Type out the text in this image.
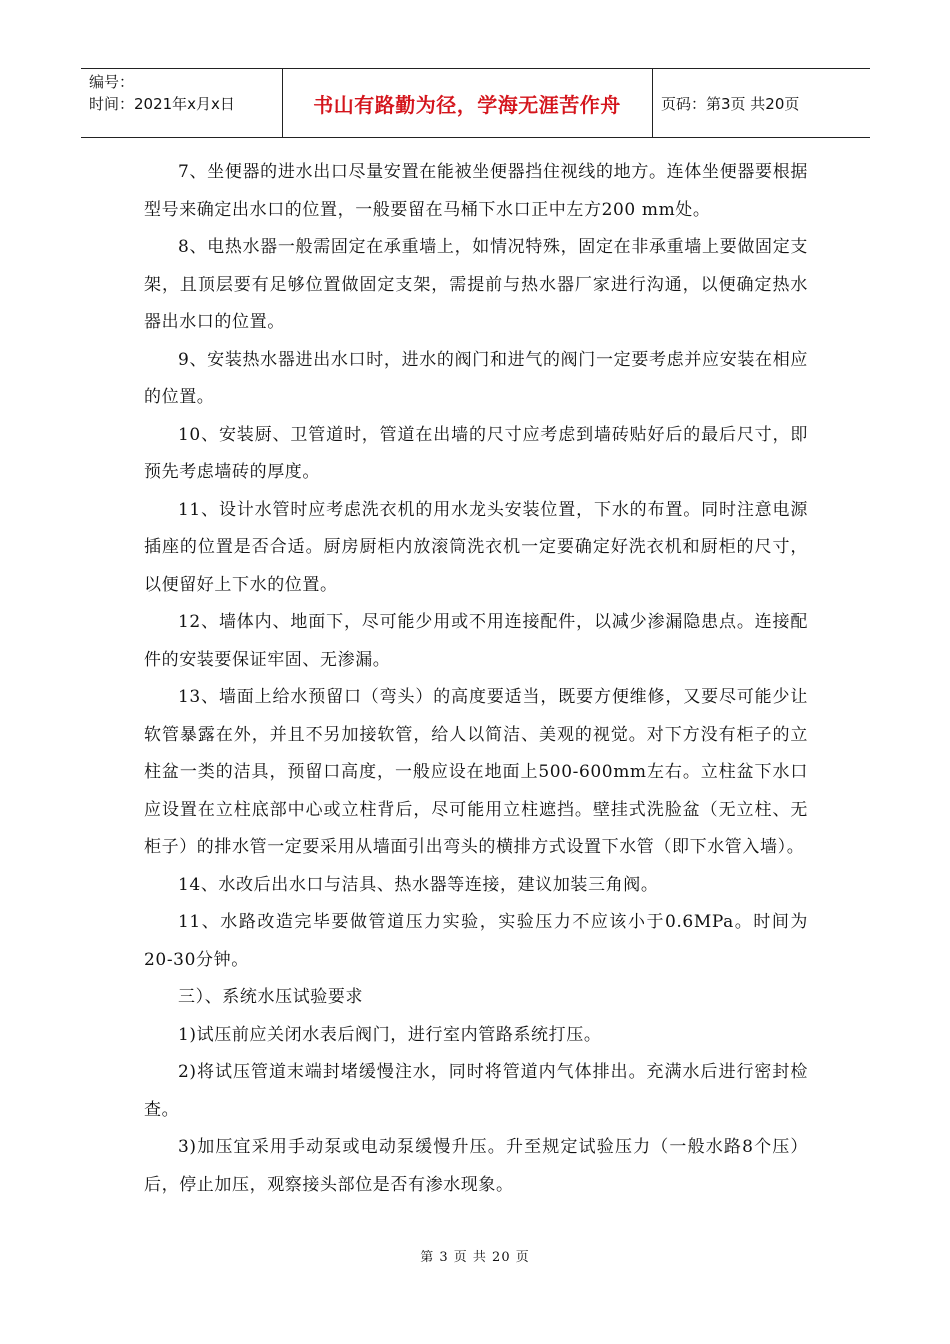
编号：
时间：2021年x月x日	书山有路勤为径，学海无涯苦作舟	页码：第3页 共20页

7、坐便器的进水出口尽量安置在能被坐便器挡住视线的地方。连体坐便器要根据型号来确定出水口的位置，一般要留在马桶下水口正中左方200 mm处。

8、电热水器一般需固定在承重墙上，如情况特殊，固定在非承重墙上要做固定支架，且顶层要有足够位置做固定支架，需提前与热水器厂家进行沟通，以便确定热水器出水口的位置。

9、安装热水器进出水口时，进水的阀门和进气的阀门一定要考虑并应安装在相应的位置。

10、安装厨、卫管道时，管道在出墙的尺寸应考虑到墙砖贴好后的最后尺寸，即预先考虑墙砖的厚度。

11、设计水管时应考虑洗衣机的用水龙头安装位置，下水的布置。同时注意电源插座的位置是否合适。厨房厨柜内放滚筒洗衣机一定要确定好洗衣机和厨柜的尺寸，以便留好上下水的位置。

12、墙体内、地面下，尽可能少用或不用连接配件，以减少渗漏隐患点。连接配件的安装要保证牢固、无渗漏。

13、墙面上给水预留口（弯头）的高度要适当，既要方便维修，又要尽可能少让软管暴露在外，并且不另加接软管，给人以简洁、美观的视觉。对下方没有柜子的立柱盆一类的洁具，预留口高度，一般应设在地面上500-600mm左右。立柱盆下水口应设置在立柱底部中心或立柱背后，尽可能用立柱遮挡。壁挂式洗脸盆（无立柱、无柜子）的排水管一定要采用从墙面引出弯头的横排方式设置下水管（即下水管入墙）。

14、水改后出水口与洁具、热水器等连接，建议加装三角阀。

11、水路改造完毕要做管道压力实验，实验压力不应该小于0.6MPa。时间为20-30分钟。

三）、系统水压试验要求

1)试压前应关闭水表后阀门，进行室内管路系统打压。

2)将试压管道末端封堵缓慢注水，同时将管道内气体排出。充满水后进行密封检查。

3)加压宜采用手动泵或电动泵缓慢升压。升至规定试验压力（一般水路8个压）后，停止加压，观察接头部位是否有渗水现象。

第 3 页 共 20 页
